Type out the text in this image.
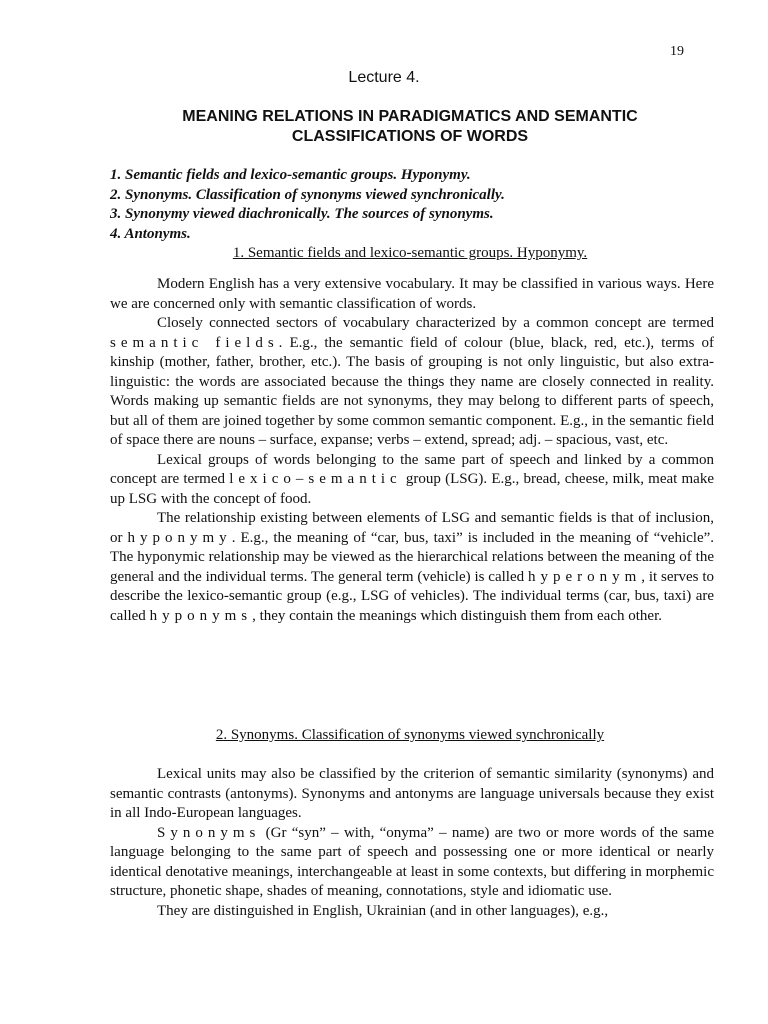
19
Lecture 4.
MEANING RELATIONS IN PARADIGMATICS AND SEMANTIC
CLASSIFICATIONS OF WORDS
1. Semantic fields and lexico-semantic groups. Hyponymy.
2. Synonyms. Classification of synonyms viewed synchronically.
3. Synonymy viewed diachronically. The sources of synonyms.
4. Antonyms.
1. Semantic fields and lexico-semantic groups. Hyponymy.

Modern English has a very extensive vocabulary. It may be classified in various ways. Here we are concerned only with semantic classification of words.

Closely connected sectors of vocabulary characterized by a common concept are termed semantic fields. E.g., the semantic field of colour (blue, black, red, etc.), terms of kinship (mother, father, brother, etc.). The basis of grouping is not only linguistic, but also extra-linguistic: the words are associated because the things they name are closely connected in reality. Words making up semantic fields are not synonyms, they may belong to different parts of speech, but all of them are joined together by some common semantic component. E.g., in the semantic field of space there are nouns – surface, expanse; verbs – extend, spread; adj. – spacious, vast, etc.

Lexical groups of words belonging to the same part of speech and linked by a common concept are termed lexico–semantic group (LSG). E.g., bread, cheese, milk, meat make up LSG with the concept of food.

The relationship existing between elements of LSG and semantic fields is that of inclusion, or hyponymy. E.g., the meaning of “car, bus, taxi” is included in the meaning of “vehicle”. The hyponymic relationship may be viewed as the hierarchical relations between the meaning of the general and the individual terms. The general term (vehicle) is called hyperonym, it serves to describe the lexico-semantic group (e.g., LSG of vehicles). The individual terms (car, bus, taxi) are called hyponyms, they contain the meanings which distinguish them from each other.

2. Synonyms. Classification of synonyms viewed synchronically

Lexical units may also be classified by the criterion of semantic similarity (synonyms) and semantic contrasts (antonyms). Synonyms and antonyms are language universals because they exist in all Indo-European languages.

Synonyms (Gr “syn” – with, “onyma” – name) are two or more words of the same language belonging to the same part of speech and possessing one or more identical or nearly identical denotative meanings, interchangeable at least in some contexts, but differing in morphemic structure, phonetic shape, shades of meaning, connotations, style and idiomatic use.

They are distinguished in English, Ukrainian (and in other languages), e.g.,
